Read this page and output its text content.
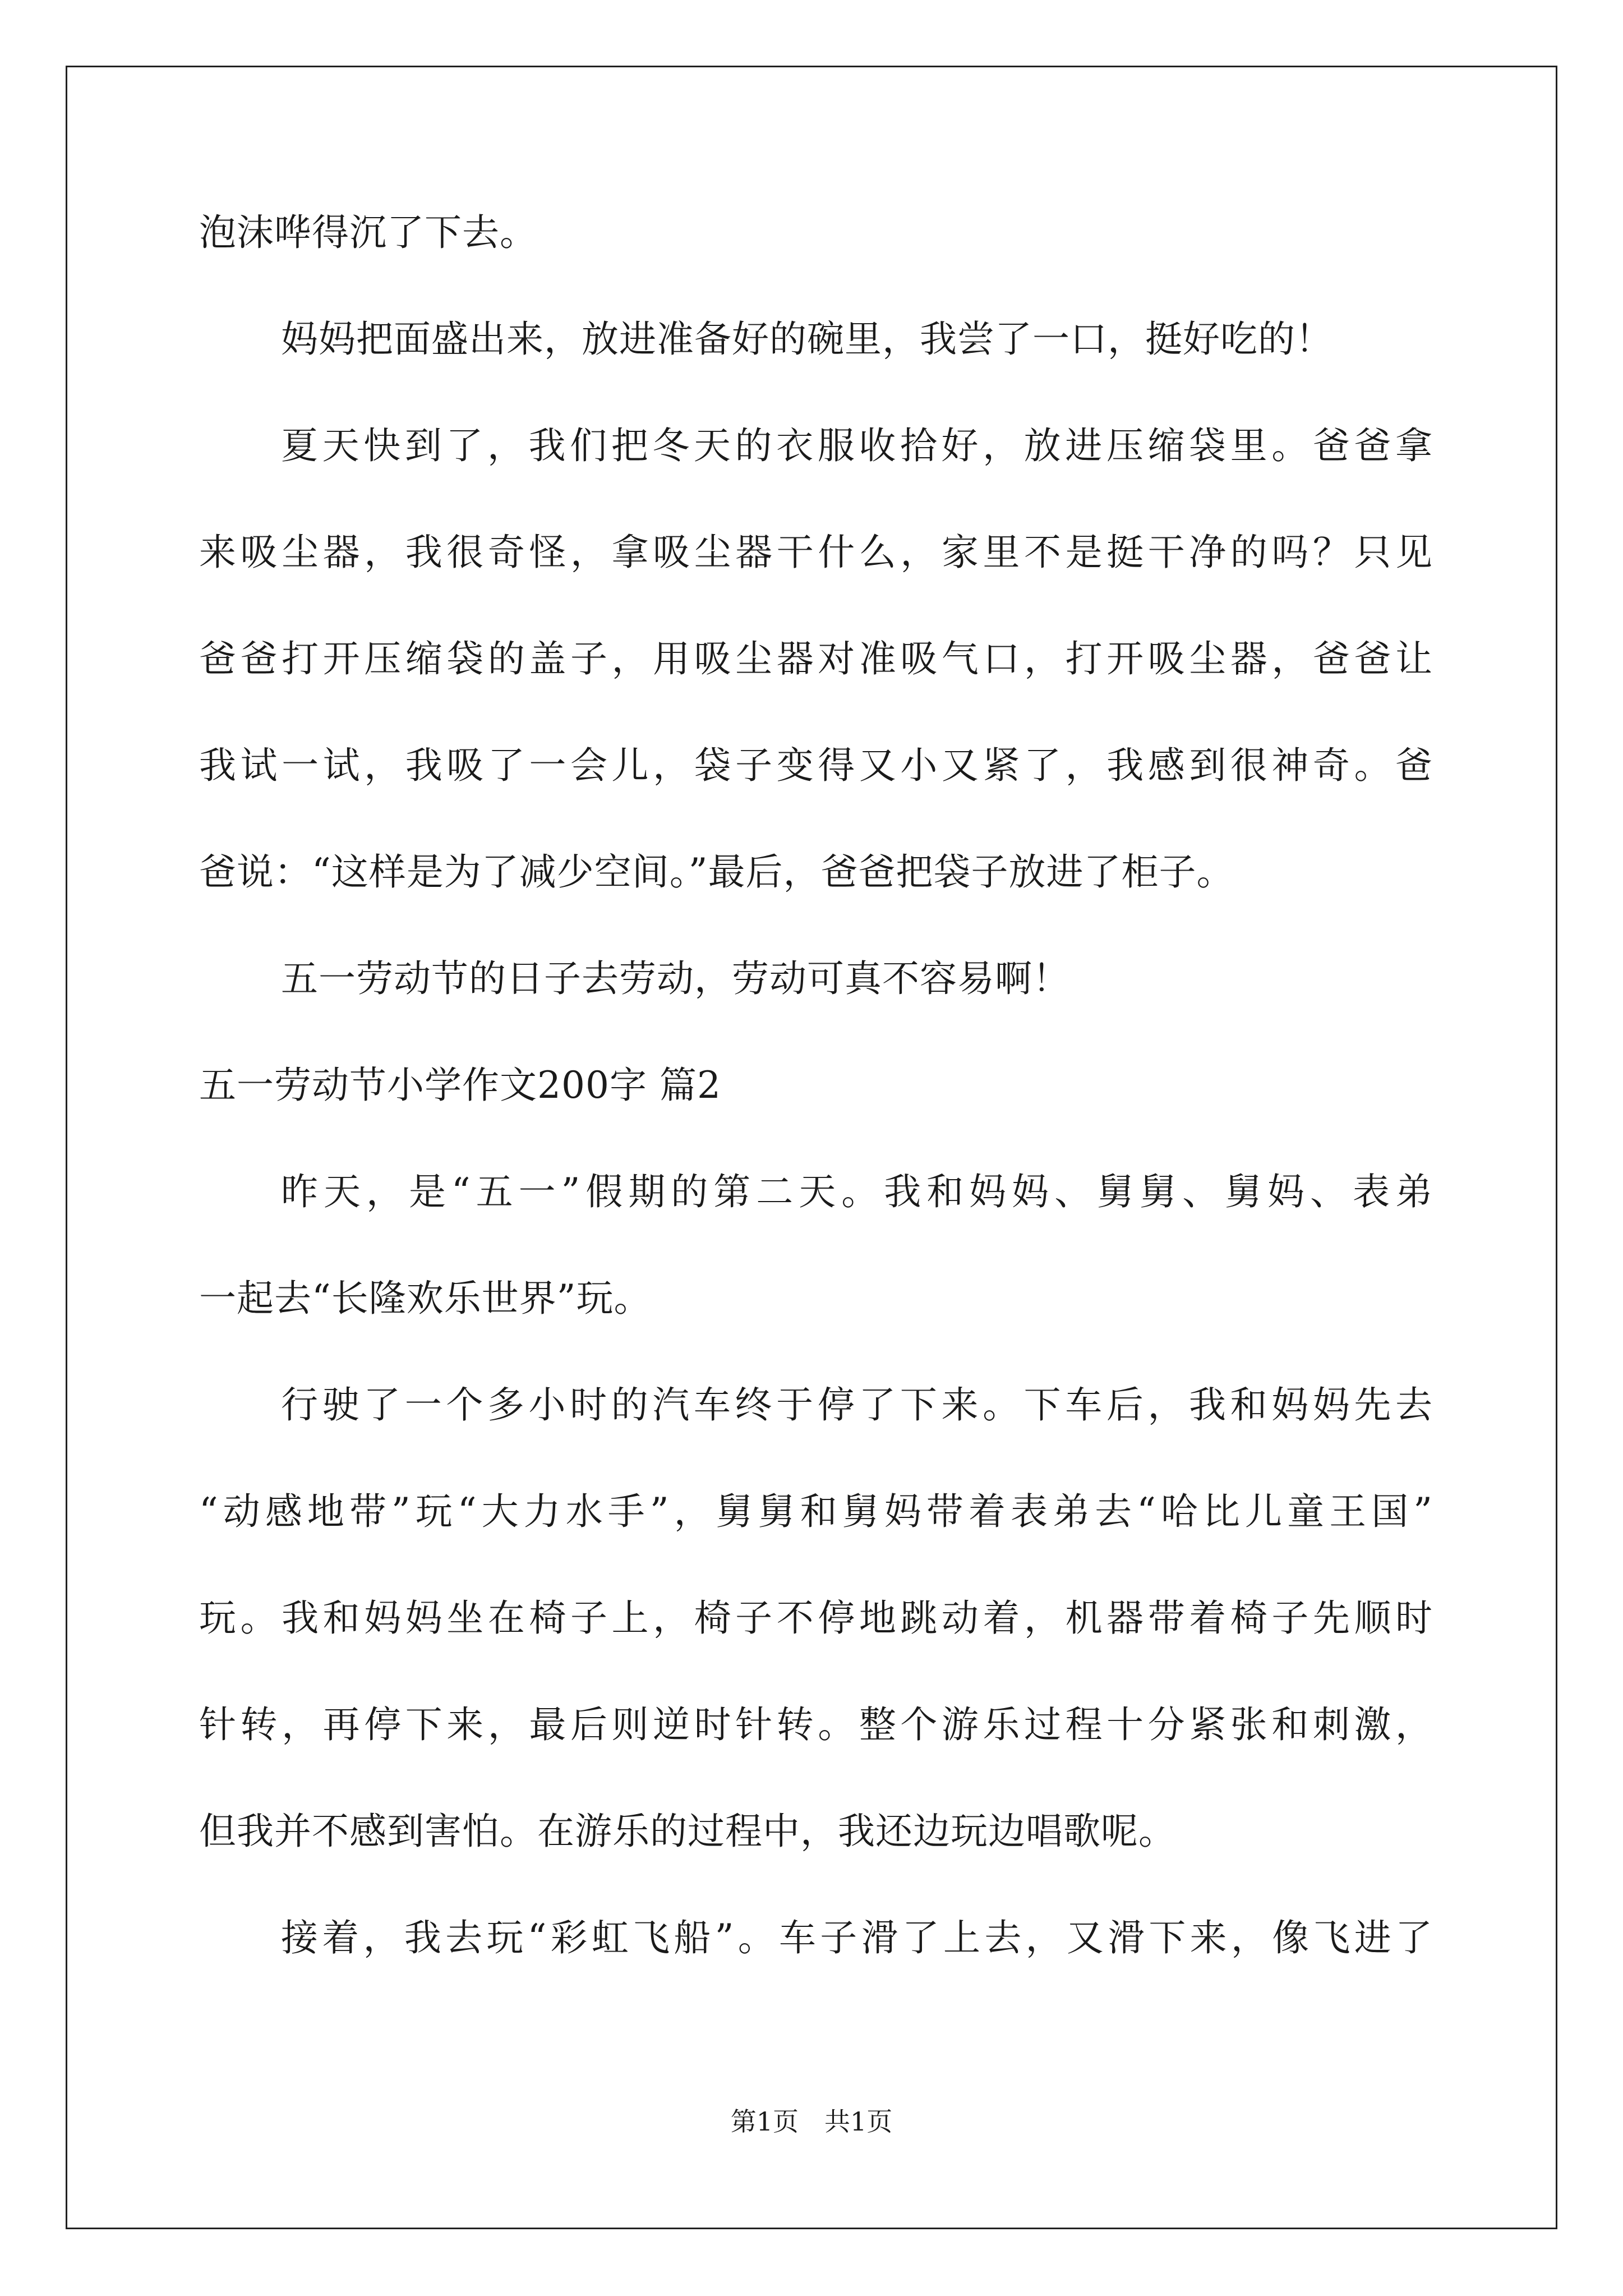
泡沫哗得沉了下去。
妈妈把面盛出来，放进准备好的碗里，我尝了一口，挺好吃的！
夏天快到了，我们把冬天的衣服收拾好，放进压缩袋里。爸爸拿
来吸尘器，我很奇怪，拿吸尘器干什么，家里不是挺干净的吗？只见
爸爸打开压缩袋的盖子，用吸尘器对准吸气口，打开吸尘器，爸爸让
我试一试，我吸了一会儿，袋子变得又小又紧了，我感到很神奇。爸
爸说：“这样是为了减少空间。”最后，爸爸把袋子放进了柜子。
五一劳动节的日子去劳动，劳动可真不容易啊！
五一劳动节小学作文200字 篇2
昨天，是“五一”假期的第二天。我和妈妈、舅舅、舅妈、表弟
一起去“长隆欢乐世界”玩。
行驶了一个多小时的汽车终于停了下来。下车后，我和妈妈先去
“动感地带”玩“大力水手”，舅舅和舅妈带着表弟去“哈比儿童王国”
玩。我和妈妈坐在椅子上，椅子不停地跳动着，机器带着椅子先顺时
针转，再停下来，最后则逆时针转。整个游乐过程十分紧张和刺激，
但我并不感到害怕。在游乐的过程中，我还边玩边唱歌呢。
接着，我去玩“彩虹飞船”。车子滑了上去，又滑下来，像飞进了
第1页　共1页
